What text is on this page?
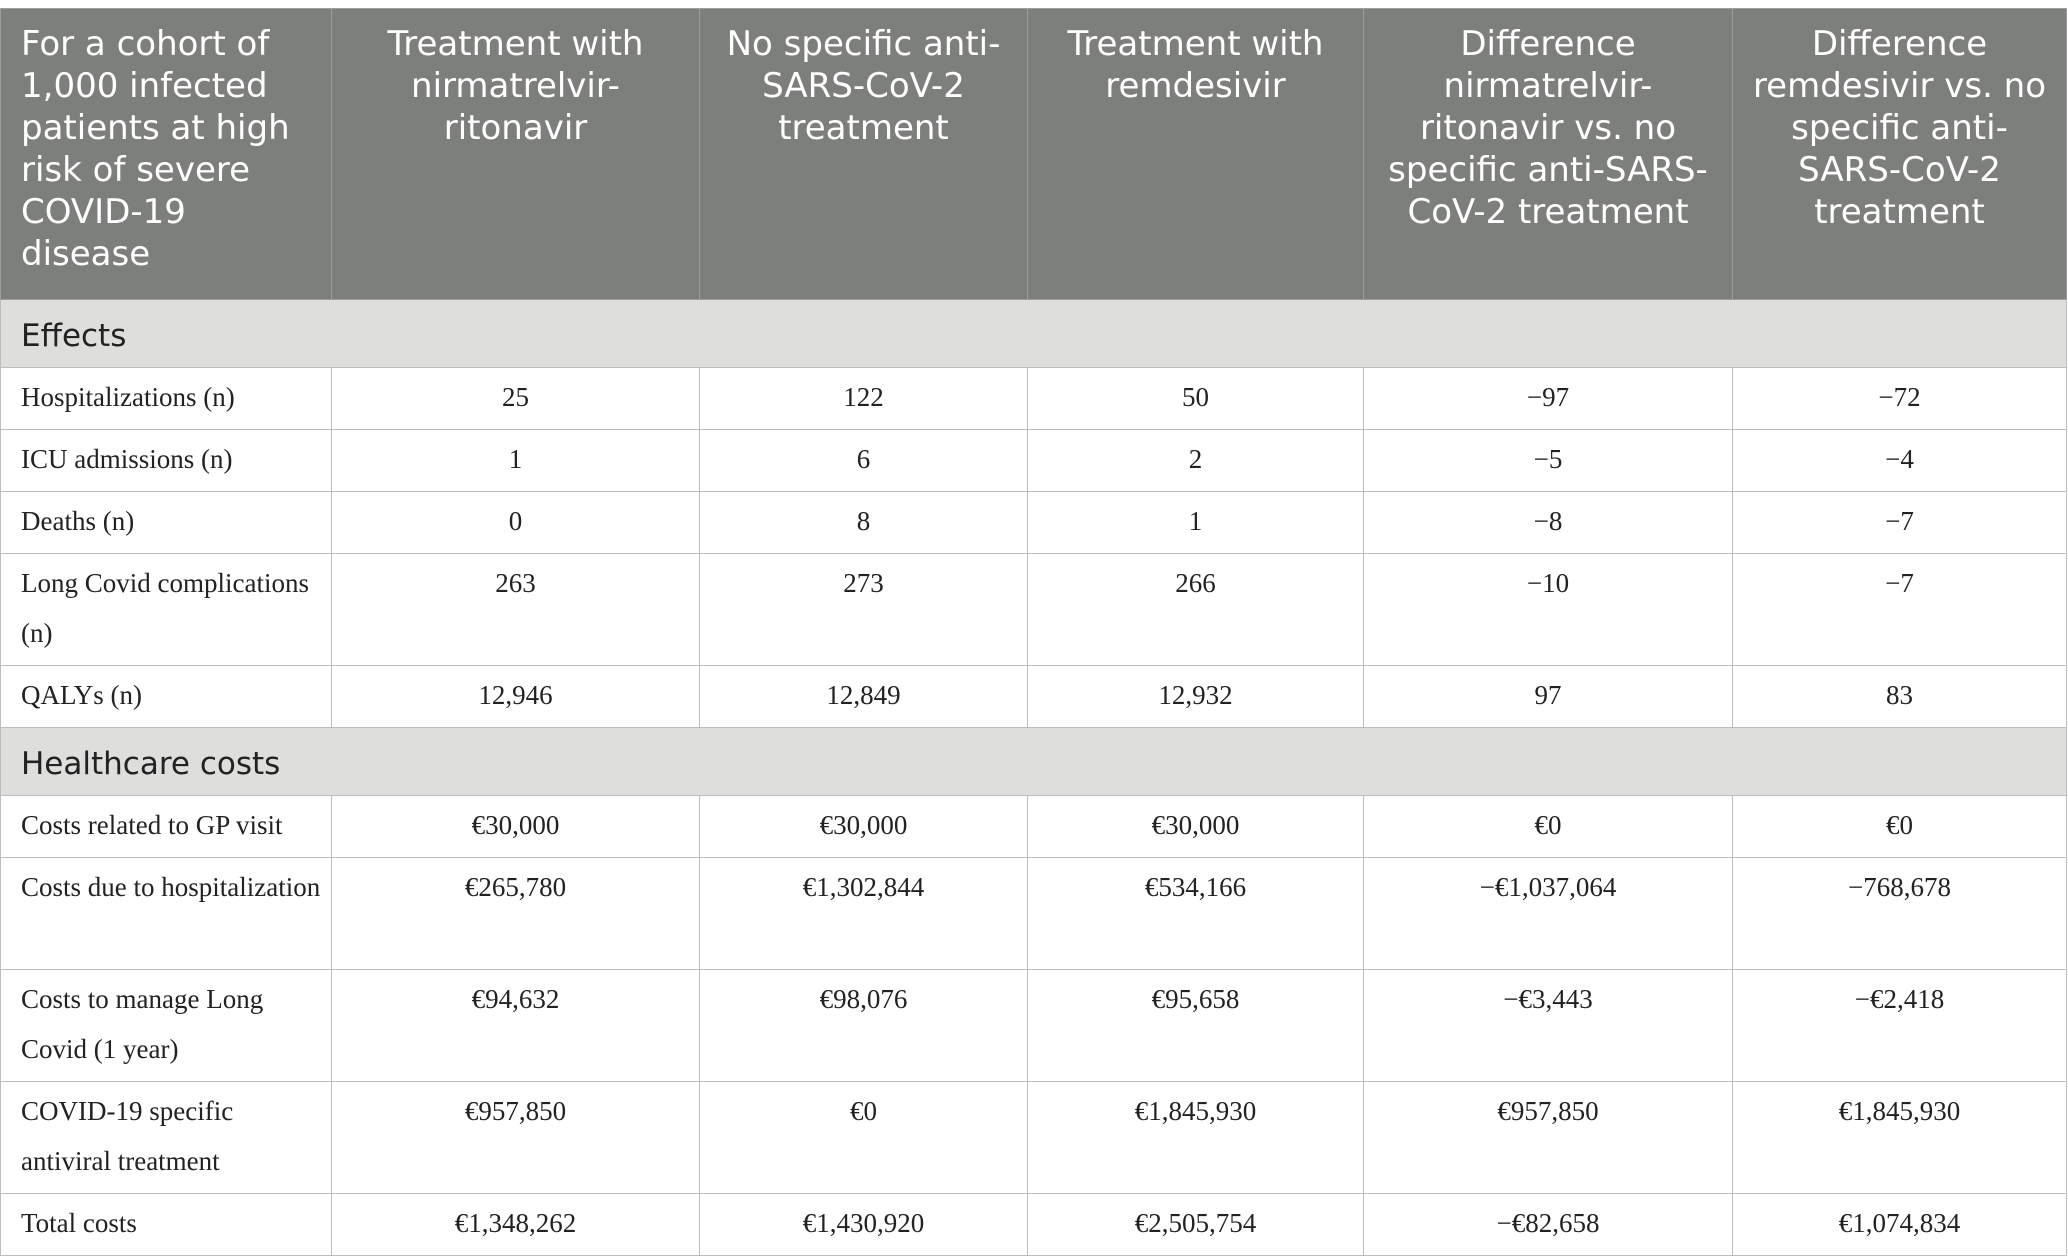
For a cohort of 1,000 infected patients at high risk of severe COVID-19 disease	Treatment with nirmatrelvir-ritonavir	No specific anti-SARS-CoV-2 treatment	Treatment with remdesivir	Difference nirmatrelvir-ritonavir vs. no specific anti-SARS-CoV-2 treatment	Difference remdesivir vs. no specific anti-SARS-CoV-2 treatment
Effects					
Hospitalizations (n)	25	122	50	−97	−72
ICU admissions (n)	1	6	2	−5	−4
Deaths (n)	0	8	1	−8	−7
Long Covid complications (n)	263	273	266	−10	−7
QALYs (n)	12,946	12,849	12,932	97	83
Healthcare costs					
Costs related to GP visit	€30,000	€30,000	€30,000	€0	€0
Costs due to hospitalization	€265,780	€1,302,844	€534,166	−€1,037,064	−768,678
Costs to manage Long Covid (1 year)	€94,632	€98,076	€95,658	−€3,443	−€2,418
COVID-19 specific antiviral treatment	€957,850	€0	€1,845,930	€957,850	€1,845,930
Total costs	€1,348,262	€1,430,920	€2,505,754	−€82,658	€1,074,834
